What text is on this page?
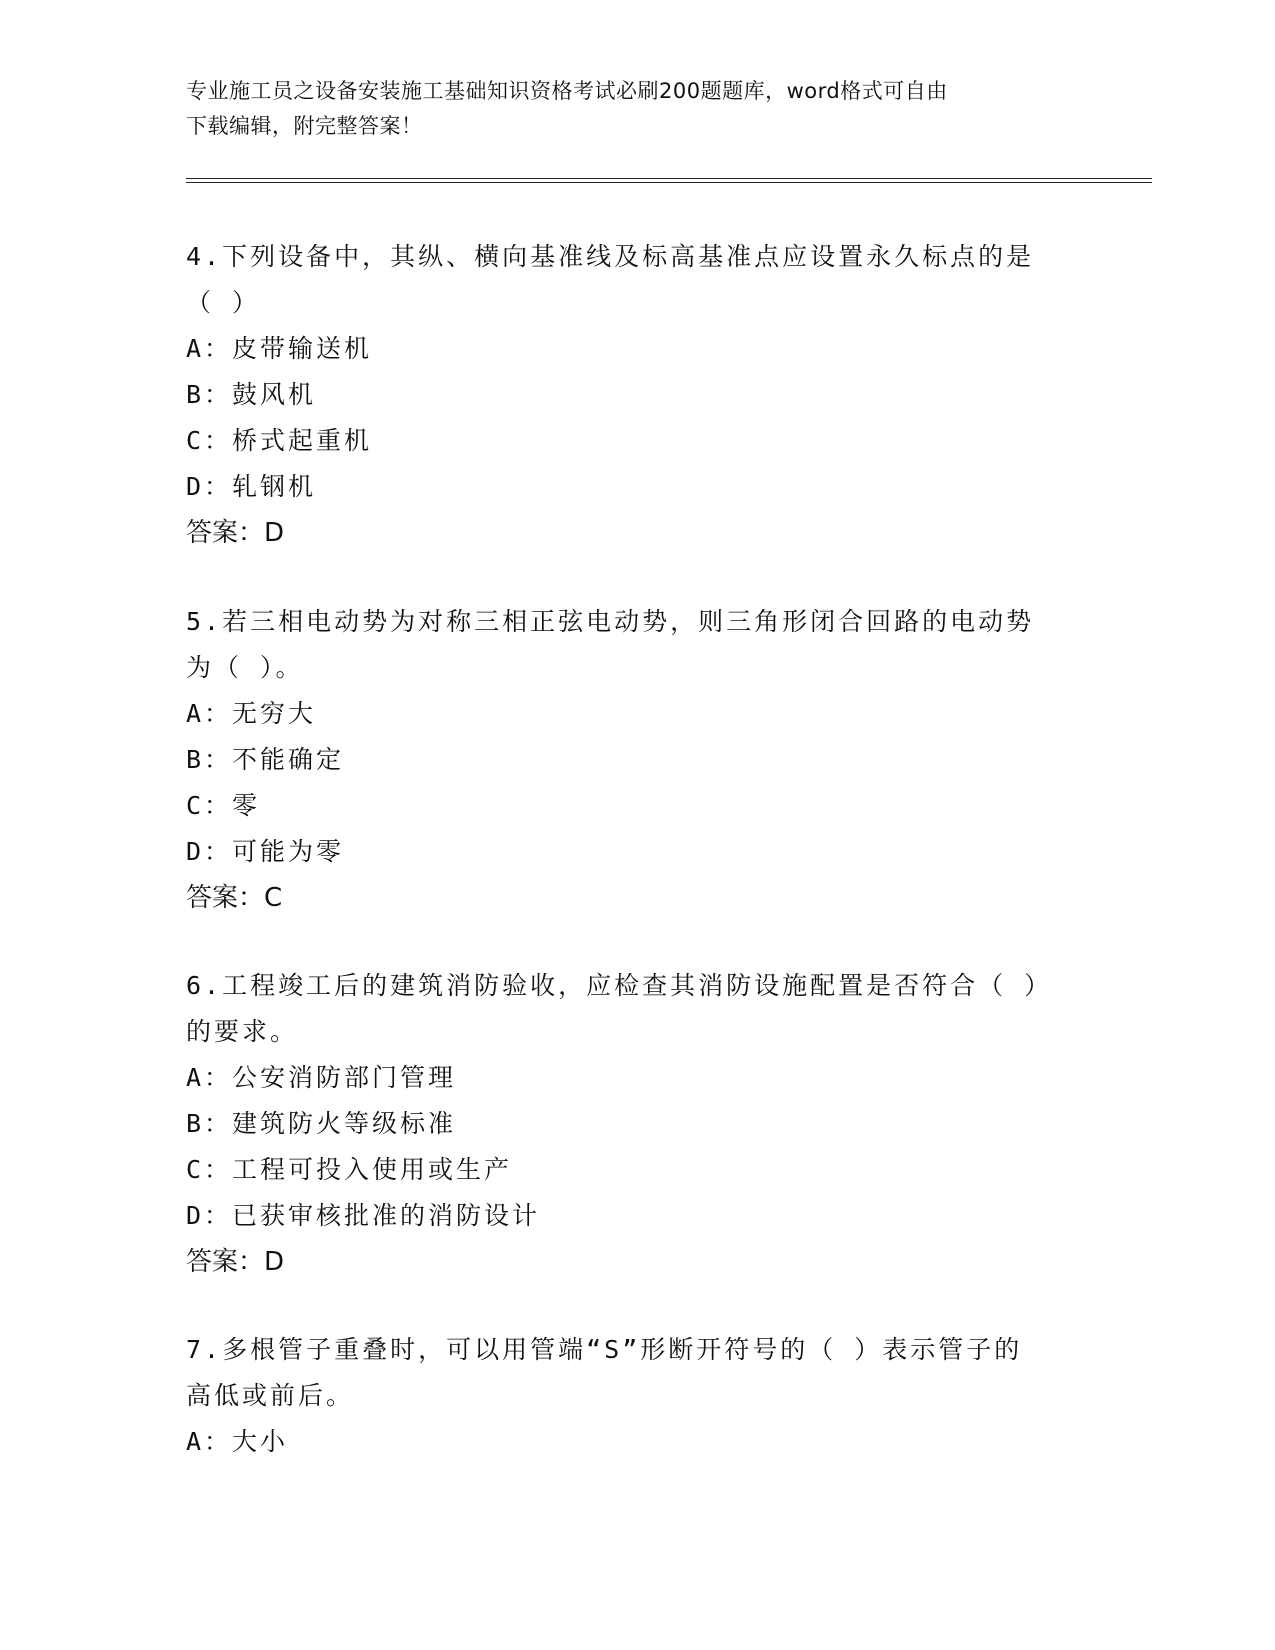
专业施工员之设备安装施工基础知识资格考试必刷200题题库，word格式可自由
下载编辑，附完整答案！

4.下列设备中，其纵、横向基准线及标高基准点应设置永久标点的是

（ ）

A：皮带输送机

B：鼓风机

C：桥式起重机

D：轧钢机

答案：D

5.若三相电动势为对称三相正弦电动势，则三角形闭合回路的电动势

为（ ）。

A：无穷大

B：不能确定

C：零

D：可能为零

答案：C

6.工程竣工后的建筑消防验收，应检查其消防设施配置是否符合（ ）

的要求。

A：公安消防部门管理

B：建筑防火等级标准

C：工程可投入使用或生产

D：已获审核批准的消防设计

答案：D

7.多根管子重叠时，可以用管端“S”形断开符号的（ ）表示管子的

高低或前后。

A：大小
